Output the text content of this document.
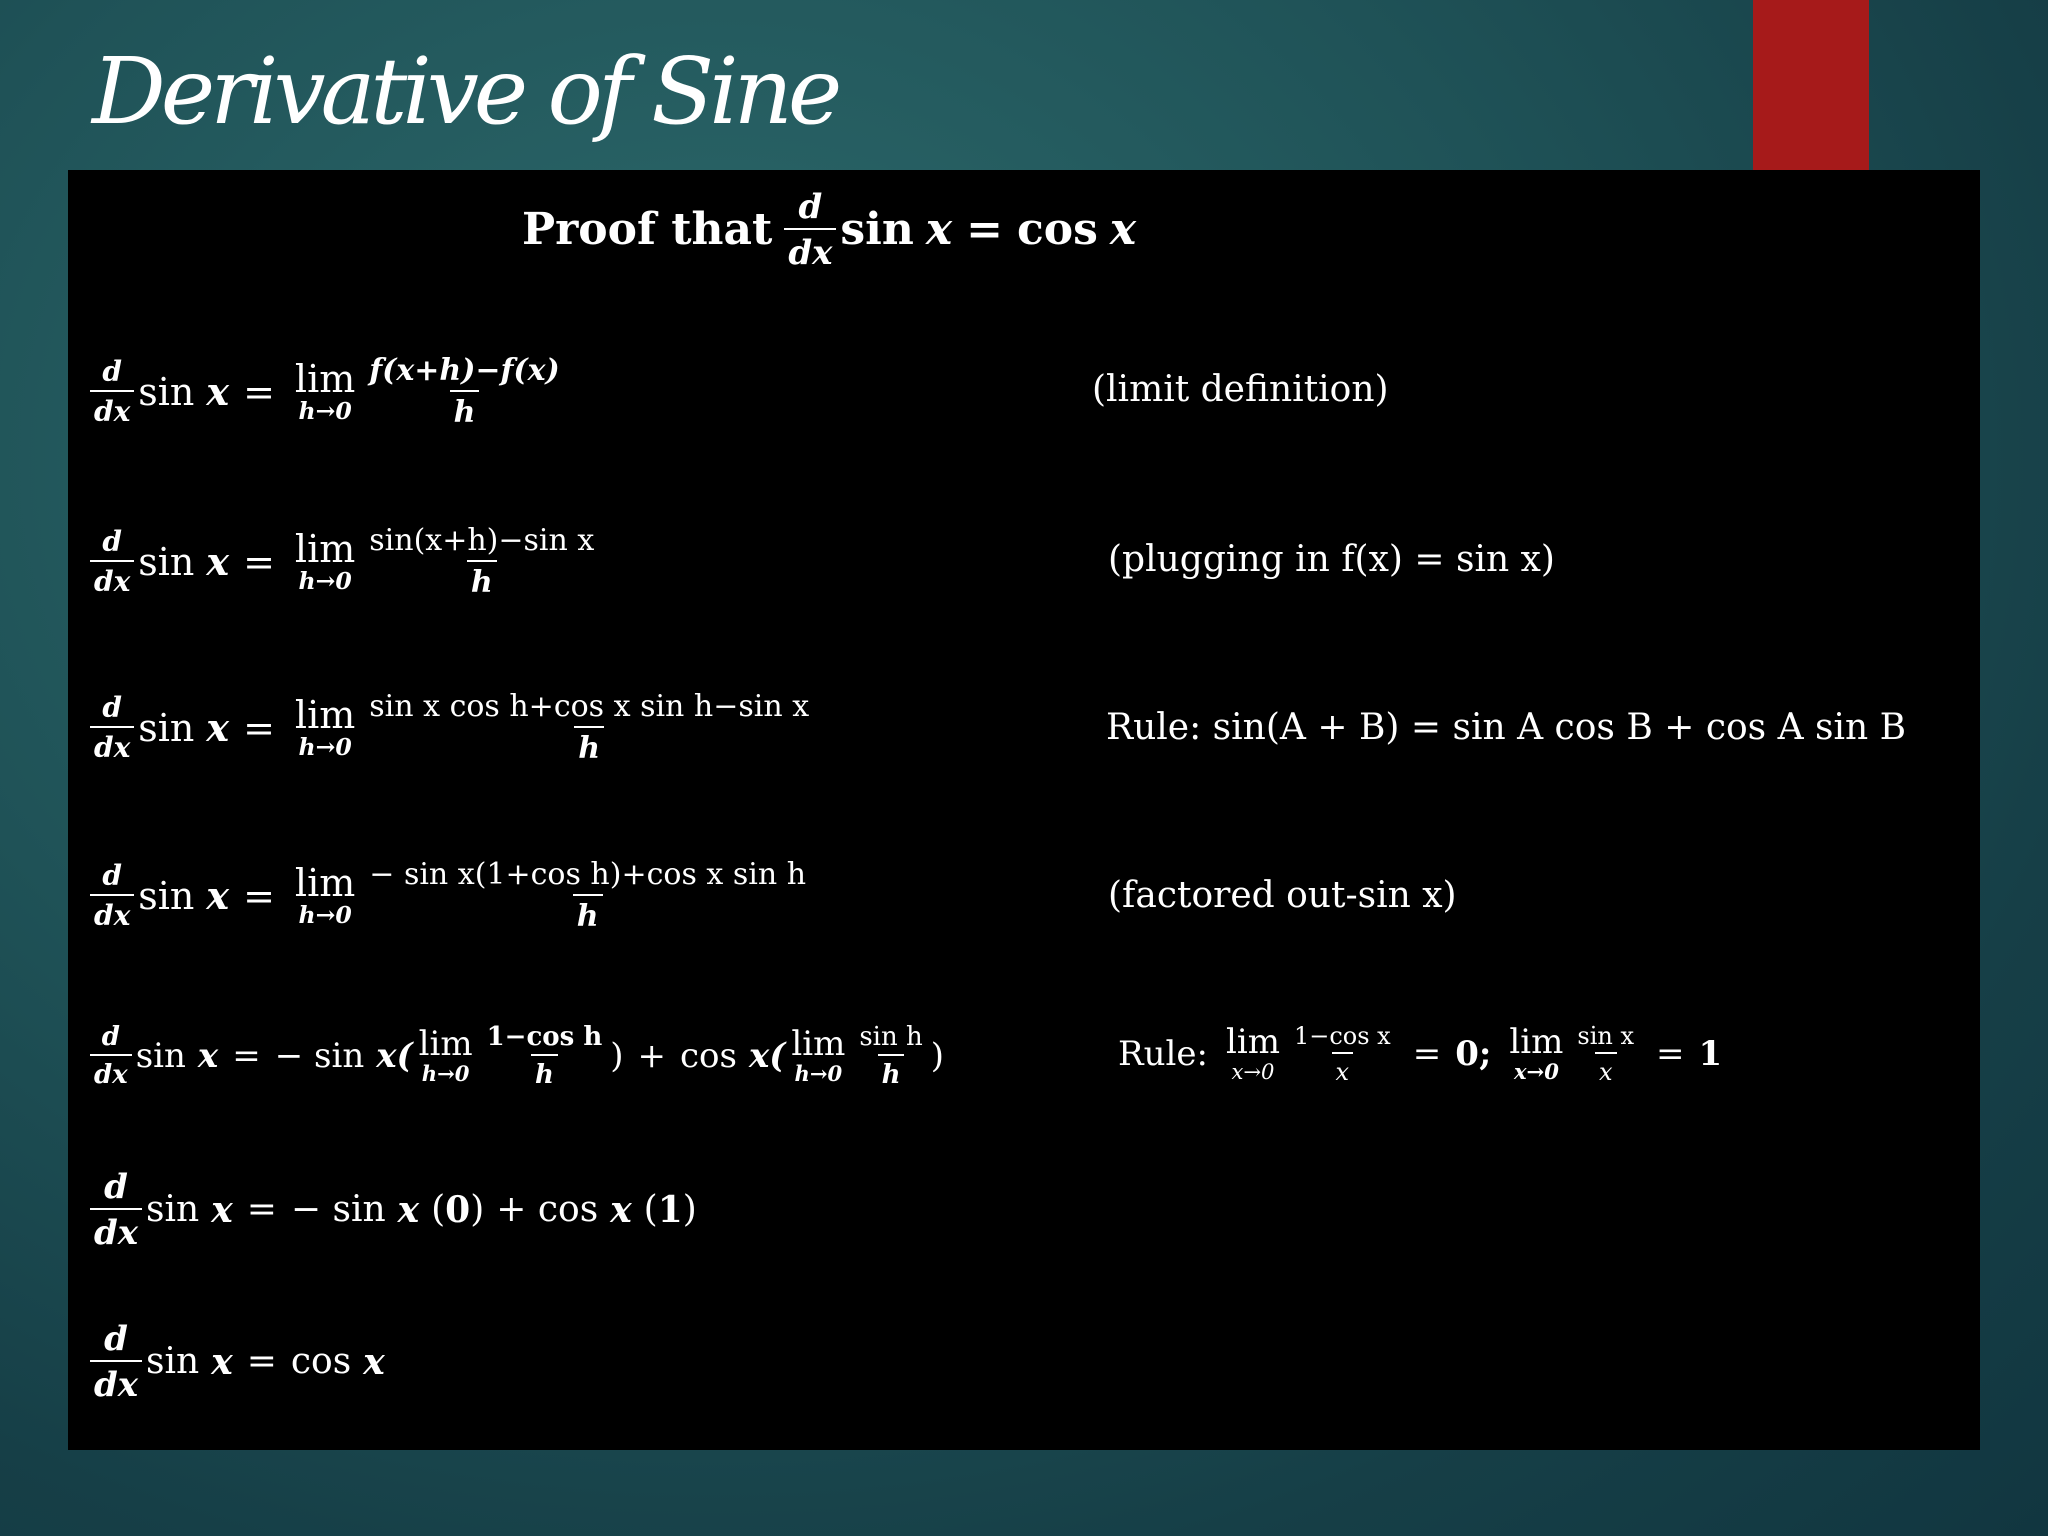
Derivative of Sine
Proof that $\frac{d}{dx}$ sin x = cos x
$\frac{d}{dx}$ sin x = lim
$h\to 0 \frac{f(x+h)-f(x)}{h}$	(limit definition)
$\frac{d}{dx}$ sin x = lim
$h\to 0 \frac{\text{sin(x+h)−sin x}}{h}$	(plugging in f(x) = sin x)
$\frac{d}{dx}$ sin x = lim
$h\to 0 \frac{\text{sin x cos h+cos x sin h−sin x}}{h}$	Rule: sin(A + B) = sin A cos B + cos A sin B
$\frac{d}{dx}$ sin x = lim
$h\to 0 \frac{\text{− sin x(1+cos h)+cos x sin h}}{h}$	(factored out-sin x)
$\frac{d}{dx}$ sin x = − sin x( lim
$h\to 0 \frac{\text{1−cos h}}{h}$ ) + cos x( lim
$h\to 0 \frac{\text{sin h}}{h}$ )	Rule: lim
$x\to 0 \frac{\text{1−cos x}}{x} = 0$; lim
$x\to 0 \frac{\text{sin x}}{x} = 1$
$\frac{d}{dx}$ sin x = − sin x ( 0 ) + cos x ( 1 )
$\frac{d}{dx}$ sin x = cos x
